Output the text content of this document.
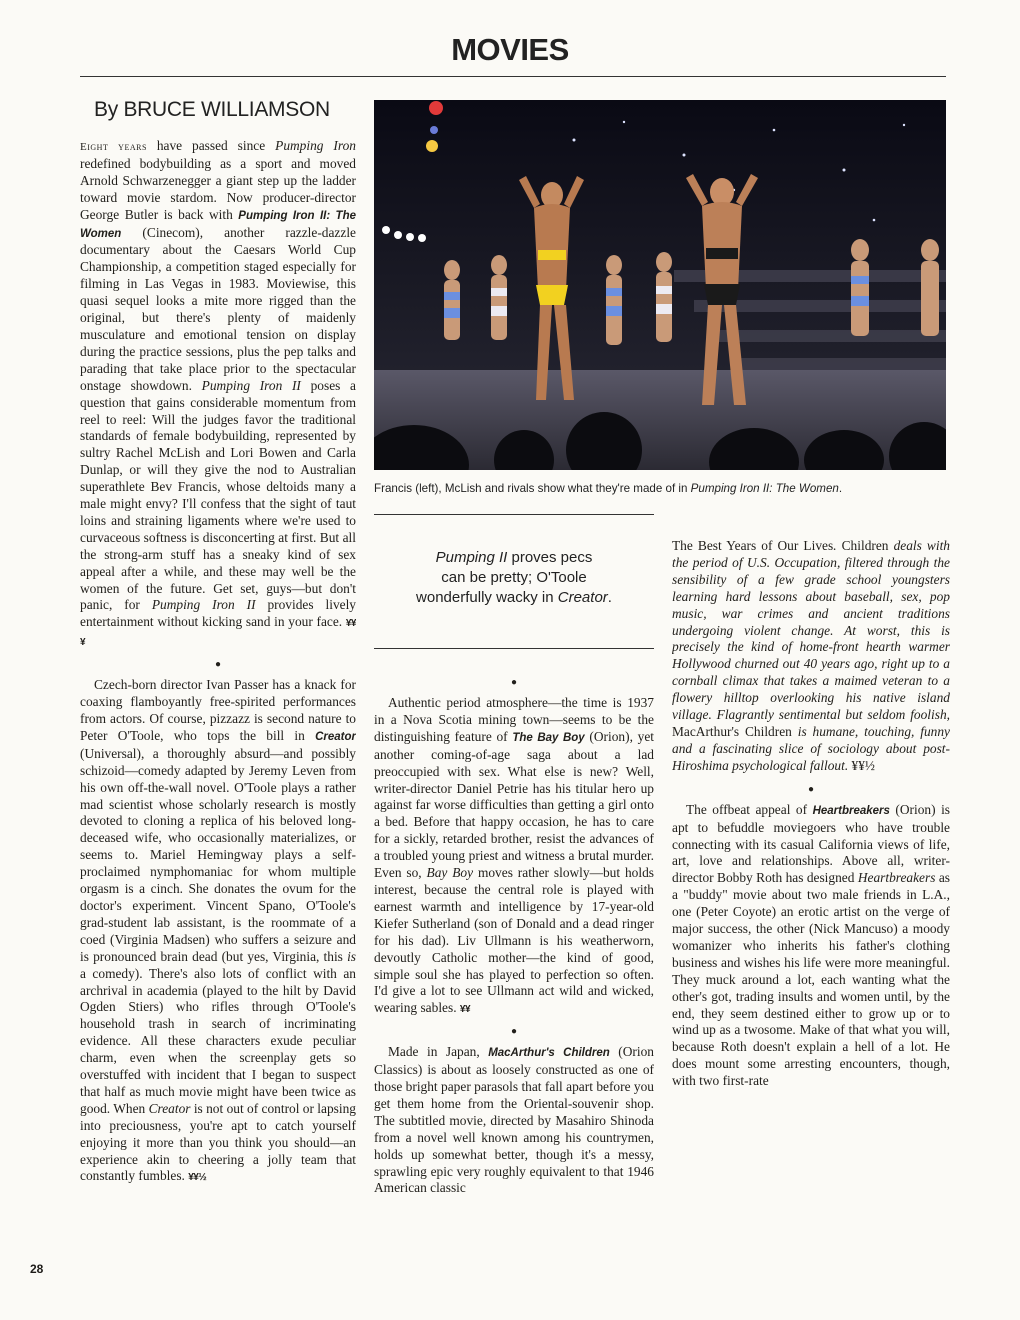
MOVIES
By BRUCE WILLIAMSON

Eight years have passed since Pumping Iron redefined bodybuilding as a sport and moved Arnold Schwarzenegger a giant step up the ladder toward movie stardom. Now producer-director George Butler is back with Pumping Iron II: The Women (Cinecom), another razzle-dazzle documentary about the Caesars World Cup Championship, a competition staged especially for filming in Las Vegas in 1983. Moviewise, this quasi sequel looks a mite more rigged than the original, but there's plenty of maidenly musculature and emotional tension on display during the practice sessions, plus the pep talks and parading that take place prior to the spectacular onstage showdown. Pumping Iron II poses a question that gains considerable momentum from reel to reel: Will the judges favor the traditional standards of female bodybuilding, represented by sultry Rachel McLish and Lori Bowen and Carla Dunlap, or will they give the nod to Australian superathlete Bev Francis, whose deltoids many a male might envy? I'll confess that the sight of taut loins and straining ligaments where we're used to curvaceous softness is disconcerting at first. But all the strong-arm stuff has a sneaky kind of sex appeal after a while, and these may well be the women of the future. Get set, guys—but don't panic, for Pumping Iron II provides lively entertainment without kicking sand in your face. ¥¥¥

●

Czech-born director Ivan Passer has a knack for coaxing flamboyantly free-spirited performances from actors. Of course, pizzazz is second nature to Peter O'Toole, who tops the bill in Creator (Universal), a thoroughly absurd—and possibly schizoid—comedy adapted by Jeremy Leven from his own off-the-wall novel. O'Toole plays a rather mad scientist whose scholarly research is mostly devoted to cloning a replica of his beloved long-deceased wife, who occasionally materializes, or seems to. Mariel Hemingway plays a self-proclaimed nymphomaniac for whom multiple orgasm is a cinch. She donates the ovum for the doctor's experiment. Vincent Spano, O'Toole's grad-student lab assistant, is the roommate of a coed (Virginia Madsen) who suffers a seizure and is pronounced brain dead (but yes, Virginia, this is a comedy). There's also lots of conflict with an archrival in academia (played to the hilt by David Ogden Stiers) who rifles through O'Toole's household trash in search of incriminating evidence. All these characters exude peculiar charm, even when the screenplay gets so overstuffed with incident that I began to suspect that half as much movie might have been twice as good. When Creator is not out of control or lapsing into preciousness, you're apt to catch yourself enjoying it more than you think you should—an experience akin to cheering a jolly team that constantly fumbles. ¥¥½

Francis (left), McLish and rivals show what they're made of in Pumping Iron II: The Women.
Pumping II proves pecs
can be pretty; O'Toole
wonderfully wacky in Creator.

●

Authentic period atmosphere—the time is 1937 in a Nova Scotia mining town—seems to be the distinguishing feature of The Bay Boy (Orion), yet another coming-of-age saga about a lad preoccupied with sex. What else is new? Well, writer-director Daniel Petrie has his titular hero up against far worse difficulties than getting a girl onto a bed. Before that happy occasion, he has to care for a sickly, retarded brother, resist the advances of a troubled young priest and witness a brutal murder. Even so, Bay Boy moves rather slowly—but holds interest, because the central role is played with earnest warmth and intelligence by 17-year-old Kiefer Sutherland (son of Donald and a dead ringer for his dad). Liv Ullmann is his weatherworn, devoutly Catholic mother—the kind of good, simple soul she has played to perfection so often. I'd give a lot to see Ullmann act wild and wicked, wearing sables. ¥¥

●

Made in Japan, MacArthur's Children (Orion Classics) is about as loosely constructed as one of those bright paper parasols that fall apart before you get them home from the Oriental-souvenir shop. The subtitled movie, directed by Masahiro Shinoda from a novel well known among his countrymen, holds up somewhat better, though it's a messy, sprawling epic very roughly equivalent to that 1946 American classic

The Best Years of Our Lives. Children deals with the period of U.S. Occupation, filtered through the sensibility of a few grade school youngsters learning hard lessons about baseball, sex, pop music, war crimes and ancient traditions undergoing violent change. At worst, this is precisely the kind of home-front hearth warmer Hollywood churned out 40 years ago, right up to a cornball climax that takes a maimed veteran to a flowery hilltop overlooking his native island village. Flagrantly sentimental but seldom foolish, MacArthur's Children is humane, touching, funny and a fascinating slice of sociology about post-Hiroshima psychological fallout. ¥¥½

●

The offbeat appeal of Heartbreakers (Orion) is apt to befuddle moviegoers who have trouble connecting with its casual California views of life, art, love and relationships. Above all, writer-director Bobby Roth has designed Heartbreakers as a "buddy" movie about two male friends in L.A., one (Peter Coyote) an erotic artist on the verge of major success, the other (Nick Mancuso) a moody womanizer who inherits his father's clothing business and wishes his life were more meaningful. They muck around a lot, each wanting what the other's got, trading insults and women until, by the end, they seem destined either to grow up or to wind up as a twosome. Make of that what you will, because Roth doesn't explain a hell of a lot. He does mount some arresting encounters, though, with two first-rate

28
